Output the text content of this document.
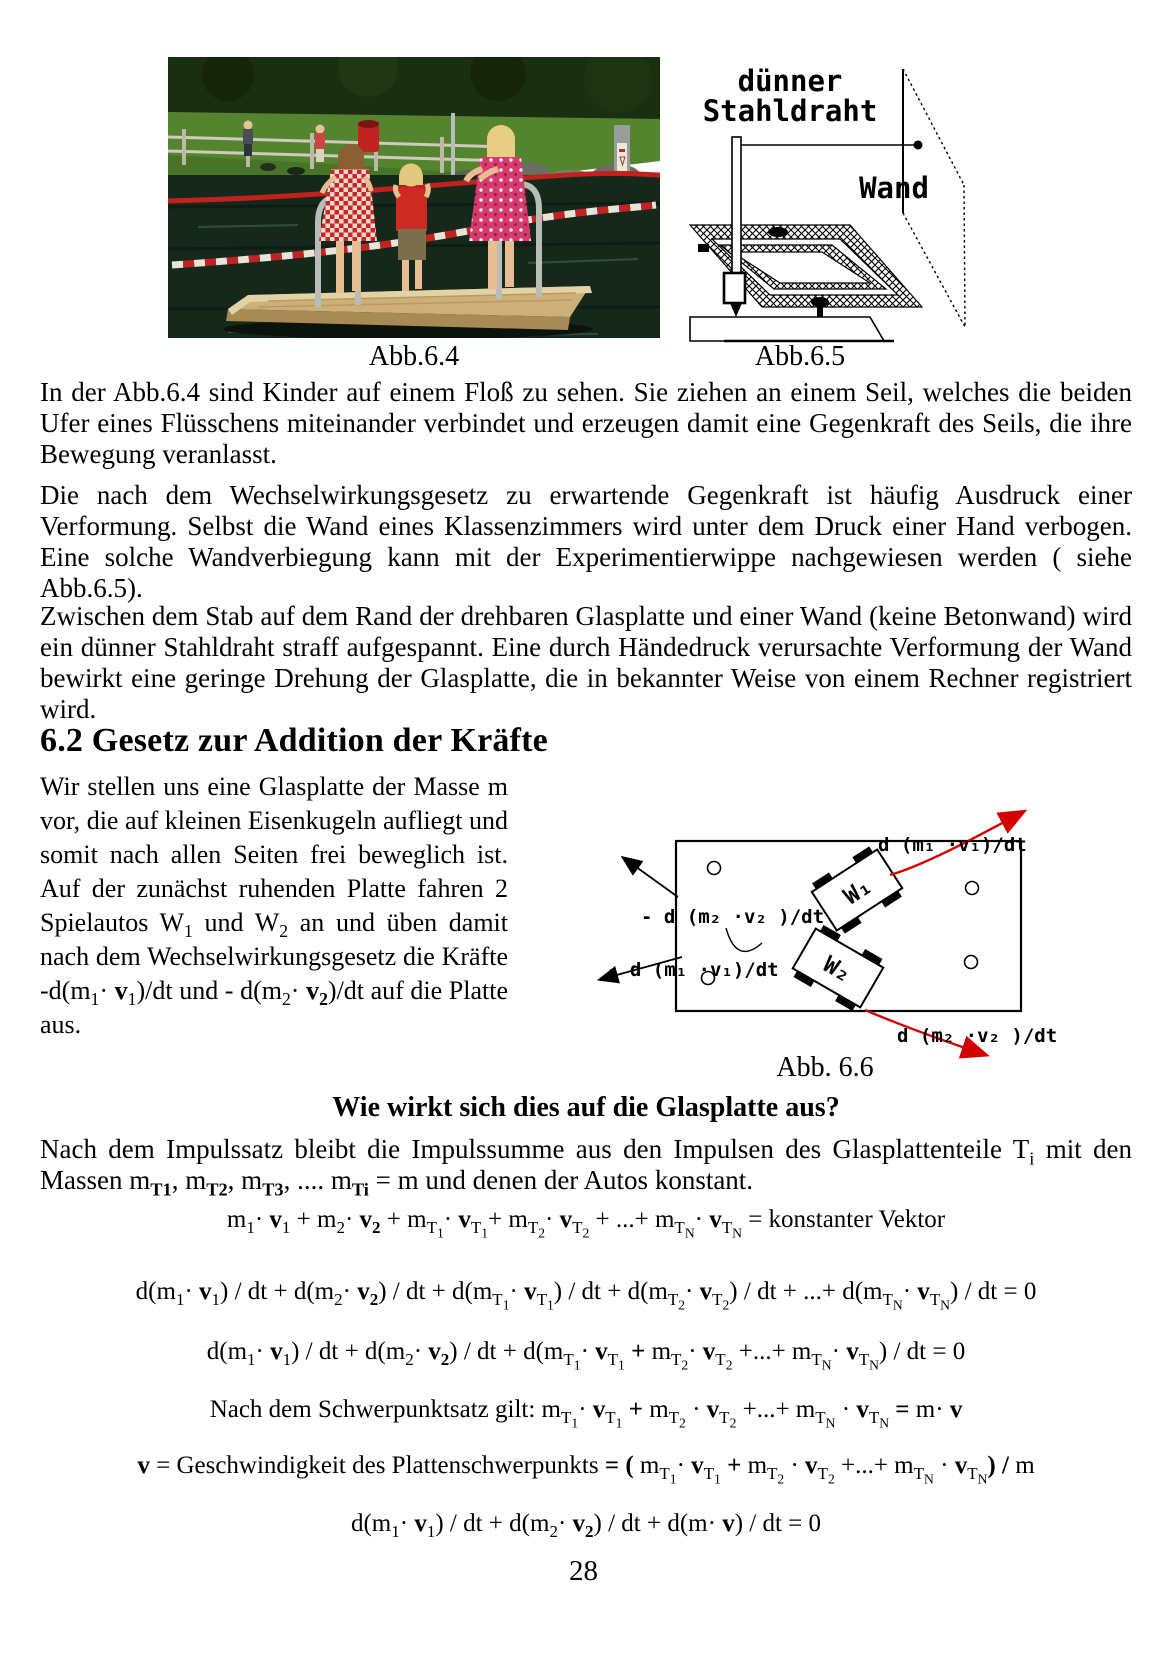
dünner
Stahldraht
Wand
Abb.6.4	Abb.6.5
In der Abb.6.4 sind Kinder auf einem Floß zu sehen. Sie ziehen an einem Seil, welches die beiden Ufer eines Flüsschens miteinander verbindet und erzeugen damit eine Gegenkraft des Seils, die ihre Bewegung veranlasst.
Die nach dem Wechselwirkungsgesetz zu erwartende Gegenkraft ist häufig Ausdruck einer Verformung. Selbst die Wand eines Klassenzimmers wird unter dem Druck einer Hand verbogen. Eine solche Wandverbiegung kann mit der Experimentierwippe nachgewiesen werden ( siehe Abb.6.5).
Zwischen dem Stab auf dem Rand der drehbaren Glasplatte und einer Wand (keine Betonwand) wird ein dünner Stahldraht straff aufgespannt. Eine durch Händedruck verursachte Verformung der Wand bewirkt eine geringe Drehung der Glasplatte, die in bekannter Weise von einem Rechner registriert wird.
6.2 Gesetz zur Addition der Kräfte
Wir stellen uns eine Glasplatte der Masse m vor, die auf kleinen Eisenkugeln aufliegt und somit nach allen Seiten frei beweglich ist. Auf der zunächst ruhenden Platte fahren 2 Spielautos $W_1$ und $W_2$ an und üben damit nach dem Wechselwirkungsgesetz die Kräfte $-d(m_1\cdot v_1)/dt$ und - $d(m_2\cdot v_2)/dt$ auf die Platte aus.
W₁
W₂
d (m₁ ·v₁)/dt
- d (m₂ ·v₂ )/dt
- d (m₁ ·v₁)/dt
d (m₂ ·v₂ )/dt
Abb. 6.6
Wie wirkt sich dies auf die Glasplatte aus?
Nach dem Impulssatz bleibt die Impulssumme aus den Impulsen des Glasplattenteile $T_i$ mit den Massen $m_{T1}$, $m_{T2}$, $m_{T3}$, .... $m_{Ti} = m$ und denen der Autos konstant.
$m_1\cdot v_1 + m_2\cdot v_2 + m_{T_1}\cdot v_{T_1}+ m_{T_2}\cdot v_{T_2}$ + ...+ $m_{T_N}\cdot v_{T_N}$ = konstanter Vektor
$d(m_1\cdot v_1)$ / dt + $d(m_2\cdot v_2)$ / dt + $d(m_{T_1}\cdot v_{T_1})$ / dt + $d(m_{T_2}\cdot v_{T_2})$ / dt + ...+ $d(m_{T_N}\cdot v_{T_N})$ / dt = 0
$d(m_1\cdot v_1)$ / dt + $d(m_2\cdot v_2)$ / dt + $d(m_{T_1}\cdot v_{T_1} + m_{T_2}\cdot v_{T_2}$ +...+ $m_{T_N}\cdot v_{T_N}$) / dt = 0
Nach dem Schwerpunktsatz gilt: $m_{T_1}\cdot v_{T_1} + m_{T_2} \cdot v_{T_2}$ +...+ $m_{T_N} \cdot v_{T_N} = m\cdot v$
v = Geschwindigkeit des Plattenschwerpunkts = ( $m_{T_1}\cdot v_{T_1} + m_{T_2} \cdot v_{T_2}$ +...+ $m_{T_N} \cdot v_{T_N}) / m$
$d(m_1\cdot v_1)$ / dt + $d(m_2\cdot v_2)$ / dt + d(m· v) / dt = 0
28
